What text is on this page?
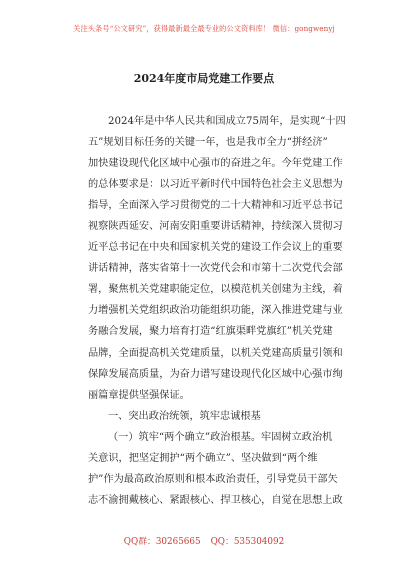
关注头条号“公文研究”，获得最新最全最专业的公文资料库！ 微信：gongwenyj
2024年度市局党建工作要点
2024年是中华人民共和国成立75周年，是实现“十四
五”规划目标任务的关键一年，也是我市全力“拼经济”
加快建设现代化区域中心强市的奋进之年。今年党建工作
的总体要求是：以习近平新时代中国特色社会主义思想为
指导，全面深入学习贯彻党的二十大精神和习近平总书记
视察陕西延安、河南安阳重要讲话精神，持续深入贯彻习
近平总书记在中央和国家机关党的建设工作会议上的重要
讲话精神，落实省第十一次党代会和市第十二次党代会部
署，聚焦机关党建职能定位，以模范机关创建为主线，着
力增强机关党组织政治功能组织功能，深入推进党建与业
务融合发展，聚力培育打造“红旗渠畔党旗红”机关党建
品牌，全面提高机关党建质量，以机关党建高质量引领和
保障发展高质量，为奋力谱写建设现代化区域中心强市绚
丽篇章提供坚强保证。
一、突出政治统领，筑牢忠诚根基
（一）筑牢“两个确立”政治根基。牢固树立政治机
关意识，把坚定拥护“两个确立”、坚决做到“两个维
护”作为最高政治原则和根本政治责任，引导党员干部矢
志不渝拥戴核心、紧跟核心、捍卫核心，自觉在思想上政
QQ群：30265665 QQ：535304092
